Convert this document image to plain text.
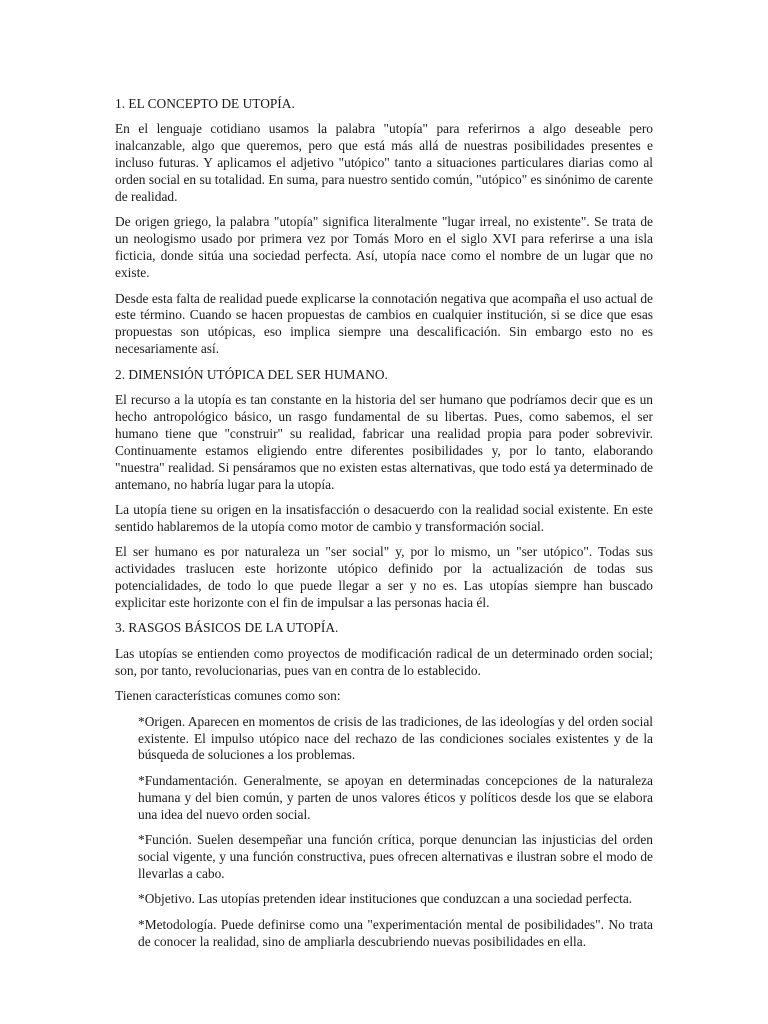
1. EL CONCEPTO DE UTOPÍA.

En el lenguaje cotidiano usamos la palabra "utopía" para referirnos a algo deseable pero inalcanzable, algo que queremos, pero que está más allá de nuestras posibilidades presentes e incluso futuras. Y aplicamos el adjetivo "utópico" tanto a situaciones particulares diarias como al orden social en su totalidad. En suma, para nuestro sentido común, "utópico" es sinónimo de carente de realidad.

De origen griego, la palabra "utopía" significa literalmente "lugar irreal, no existente". Se trata de un neologismo usado por primera vez por Tomás Moro en el siglo XVI para referirse a una isla ficticia, donde sitúa una sociedad perfecta. Así, utopía nace como el nombre de un lugar que no existe.

Desde esta falta de realidad puede explicarse la connotación negativa que acompaña el uso actual de este término. Cuando se hacen propuestas de cambios en cualquier institución, si se dice que esas propuestas son utópicas, eso implica siempre una descalificación. Sin embargo esto no es necesariamente así.

2. DIMENSIÓN UTÓPICA DEL SER HUMANO.

El recurso a la utopía es tan constante en la historia del ser humano que podríamos decir que es un hecho antropológico básico, un rasgo fundamental de su libertas. Pues, como sabemos, el ser humano tiene que "construir" su realidad, fabricar una realidad propia para poder sobrevivir. Continuamente estamos eligiendo entre diferentes posibilidades y, por lo tanto, elaborando "nuestra" realidad. Si pensáramos que no existen estas alternativas, que todo está ya determinado de antemano, no habría lugar para la utopía.

La utopía tiene su origen en la insatisfacción o desacuerdo con la realidad social existente. En este sentido hablaremos de la utopía como motor de cambio y transformación social.

El ser humano es por naturaleza un "ser social" y, por lo mismo, un "ser utópico". Todas sus actividades traslucen este horizonte utópico definido por la actualización de todas sus potencialidades, de todo lo que puede llegar a ser y no es. Las utopías siempre han buscado explicitar este horizonte con el fin de impulsar a las personas hacia él.

3. RASGOS BÁSICOS DE LA UTOPÍA.

Las utopías se entienden como proyectos de modificación radical de un determinado orden social; son, por tanto, revolucionarias, pues van en contra de lo establecido.

Tienen características comunes como son:

*Origen. Aparecen en momentos de crisis de las tradiciones, de las ideologías y del orden social existente. El impulso utópico nace del rechazo de las condiciones sociales existentes y de la búsqueda de soluciones a los problemas.

*Fundamentación. Generalmente, se apoyan en determinadas concepciones de la naturaleza humana y del bien común, y parten de unos valores éticos y políticos desde los que se elabora una idea del nuevo orden social.

*Función. Suelen desempeñar una función crítica, porque denuncian las injusticias del orden social vigente, y una función constructiva, pues ofrecen alternativas e ilustran sobre el modo de llevarlas a cabo.

*Objetivo. Las utopías pretenden idear instituciones que conduzcan a una sociedad perfecta.

*Metodología. Puede definirse como una "experimentación mental de posibilidades". No trata de conocer la realidad, sino de ampliarla descubriendo nuevas posibilidades en ella.
